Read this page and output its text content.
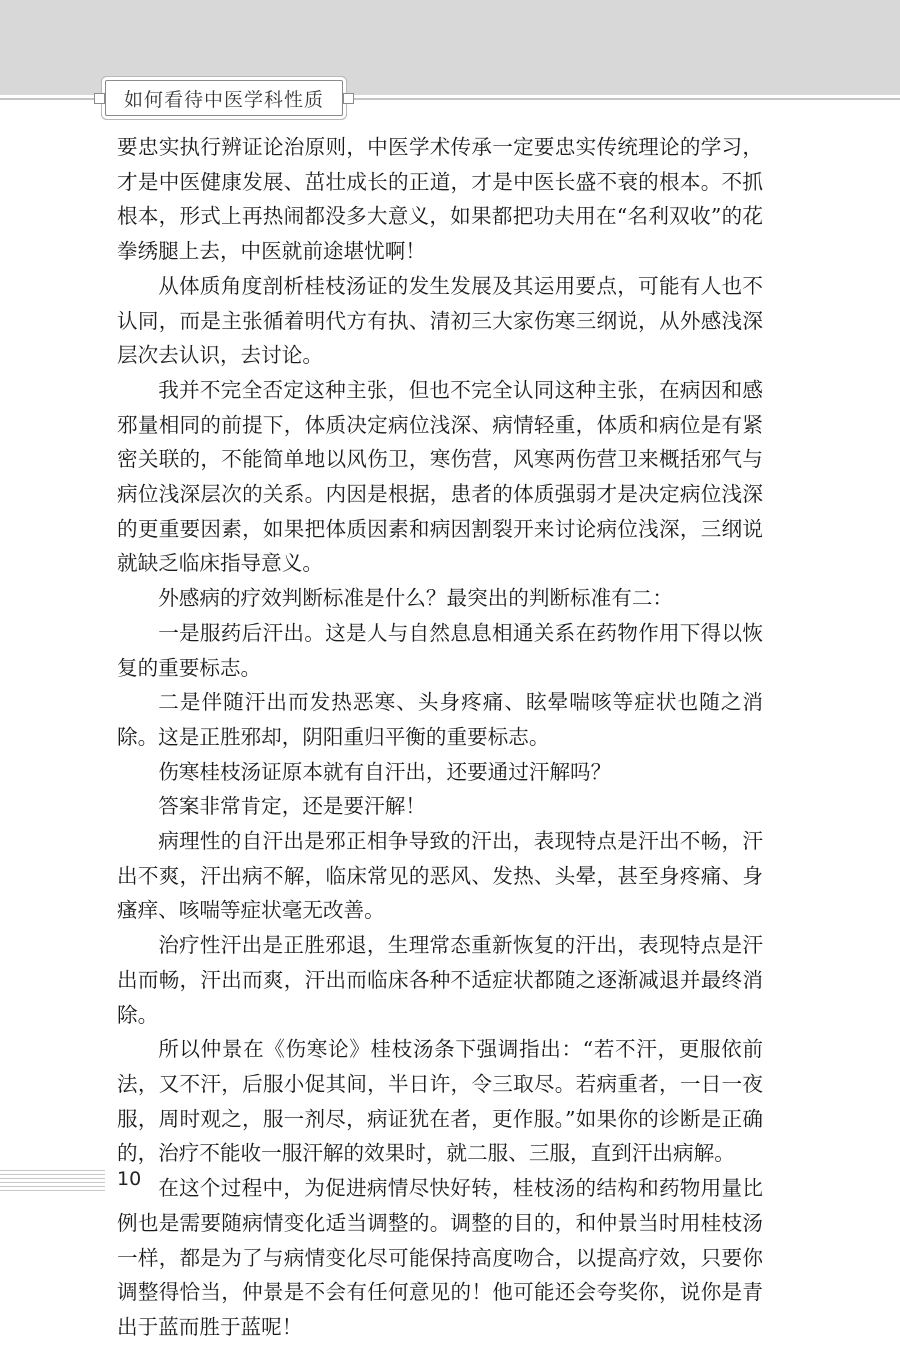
如何看待中医学科性质

要忠实执行辨证论治原则，中医学术传承一定要忠实传统理论的学习，才是中医健康发展、茁壮成长的正道，才是中医长盛不衰的根本。不抓根本，形式上再热闹都没多大意义，如果都把功夫用在“名利双收”的花拳绣腿上去，中医就前途堪忧啊！

从体质角度剖析桂枝汤证的发生发展及其运用要点，可能有人也不认同，而是主张循着明代方有执、清初三大家伤寒三纲说，从外感浅深层次去认识，去讨论。

我并不完全否定这种主张，但也不完全认同这种主张，在病因和感邪量相同的前提下，体质决定病位浅深、病情轻重，体质和病位是有紧密关联的，不能简单地以风伤卫，寒伤营，风寒两伤营卫来概括邪气与病位浅深层次的关系。内因是根据，患者的体质强弱才是决定病位浅深的更重要因素，如果把体质因素和病因割裂开来讨论病位浅深，三纲说就缺乏临床指导意义。

外感病的疗效判断标准是什么？最突出的判断标准有二：

一是服药后汗出。这是人与自然息息相通关系在药物作用下得以恢复的重要标志。

二是伴随汗出而发热恶寒、头身疼痛、眩晕喘咳等症状也随之消除。这是正胜邪却，阴阳重归平衡的重要标志。

伤寒桂枝汤证原本就有自汗出，还要通过汗解吗？

答案非常肯定，还是要汗解！

病理性的自汗出是邪正相争导致的汗出，表现特点是汗出不畅，汗出不爽，汗出病不解，临床常见的恶风、发热、头晕，甚至身疼痛、身瘙痒、咳喘等症状毫无改善。

治疗性汗出是正胜邪退，生理常态重新恢复的汗出，表现特点是汗出而畅，汗出而爽，汗出而临床各种不适症状都随之逐渐减退并最终消除。

所以仲景在《伤寒论》桂枝汤条下强调指出：“若不汗，更服依前法，又不汗，后服小促其间，半日许，令三取尽。若病重者，一日一夜服，周时观之，服一剂尽，病证犹在者，更作服。”如果你的诊断是正确的，治疗不能收一服汗解的效果时，就二服、三服，直到汗出病解。

在这个过程中，为促进病情尽快好转，桂枝汤的结构和药物用量比例也是需要随病情变化适当调整的。调整的目的，和仲景当时用桂枝汤一样，都是为了与病情变化尽可能保持高度吻合，以提高疗效，只要你调整得恰当，仲景是不会有任何意见的！他可能还会夸奖你，说你是青出于蓝而胜于蓝呢！

10
